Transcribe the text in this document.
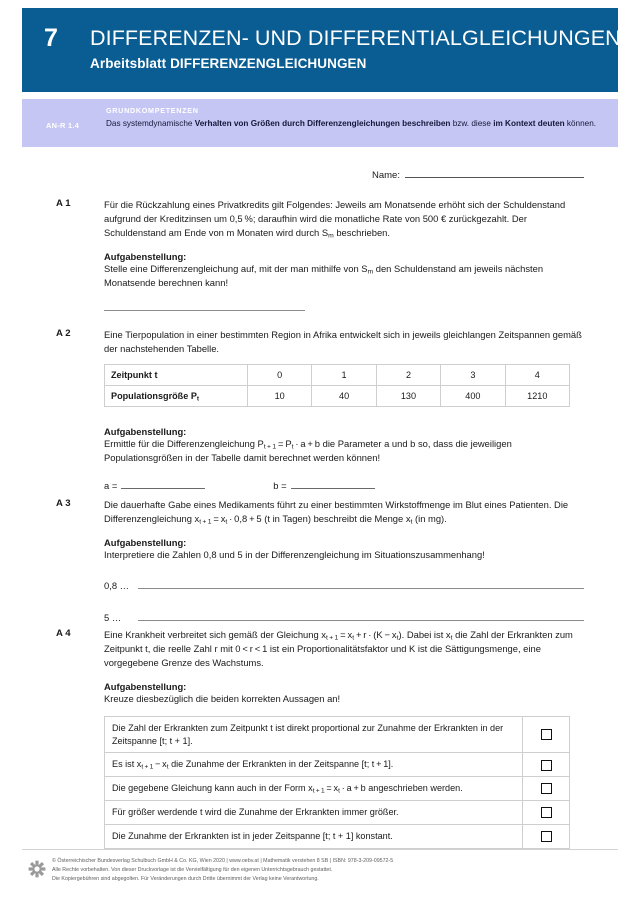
7	DIFFERENZEN- UND DIFFERENTIALGLEICHUNGEN
Arbeitsblatt DIFFERENZENGLEICHUNGEN
GRUNDKOMPETENZEN
AN-R 1.4	Das systemdynamische Verhalten von Größen durch Differenzengleichungen beschreiben bzw. diese im Kontext deuten können.
Name:
A 1	Für die Rückzahlung eines Privatkredits gilt Folgendes: Jeweils am Monatsende erhöht sich der Schuldenstand aufgrund der Kreditzinsen um 0,5 %; daraufhin wird die monatliche Rate von 500 € zurückgezahlt. Der Schuldenstand am Ende von m Monaten wird durch $S_m$ beschrieben.
Aufgabenstellung:
Stelle eine Differenzengleichung auf, mit der man mithilfe von $S_m$ den Schuldenstand am jeweils nächsten Monatsende berechnen kann!
A 2	Eine Tierpopulation in einer bestimmten Region in Afrika entwickelt sich in jeweils gleichlangen Zeitspannen gemäß der nachstehenden Tabelle.
Zeitpunkt t	0	1	2	3	4
Populationsgröße $P_t$	10	40	130	400	1210
Aufgabenstellung:
Ermittle für die Differenzengleichung $P_{t + 1} = P_t \cdot a + b$ die Parameter a und b so, dass die jeweiligen Populationsgrößen in der Tabelle damit berechnet werden können!
a =	b =
A 3	Die dauerhafte Gabe eines Medikaments führt zu einer bestimmten Wirkstoffmenge im Blut eines Patienten. Die Differenzengleichung $x_{t + 1} = x_t \cdot 0,8 + 5$ (t in Tagen) beschreibt die Menge $x_t$ (in mg).
Aufgabenstellung:
Interpretiere die Zahlen 0,8 und 5 in der Differenzengleichung im Situationszusammenhang!
0,8 …
5 …
A 4	Eine Krankheit verbreitet sich gemäß der Gleichung $x_{t + 1} = x_t + r \cdot (K - x_t)$. Dabei ist $x_t$ die Zahl der Erkrankten zum Zeitpunkt t, die reelle Zahl r mit 0 < r < 1 ist ein Proportionalitätsfaktor und K ist die Sättigungsmenge, eine vorgegebene Grenze des Wachstums.
Aufgabenstellung:
Kreuze diesbezüglich die beiden korrekten Aussagen an!
Die Zahl der Erkrankten zum Zeitpunkt t ist direkt proportional zur Zunahme der Erkrankten in der Zeitspanne [t; t + 1].	
Es ist $x_{t + 1} - x_t$ die Zunahme der Erkrankten in der Zeitspanne [t; t + 1].	
Die gegebene Gleichung kann auch in der Form $x_{t + 1} = x_t \cdot a + b$ angeschrieben werden.	
Für größer werdende t wird die Zunahme der Erkrankten immer größer.	
Die Zunahme der Erkrankten ist in jeder Zeitspanne [t; t + 1] konstant.	
© Österreichischer Bundesverlag Schulbuch GmbH & Co. KG, Wien 2020 | www.oebv.at | Mathematik verstehen 8 SB | ISBN: 978-3-209-09572-5
Alle Rechte vorbehalten. Von dieser Druckvorlage ist die Vervielfältigung für den eigenen Unterrichtsgebrauch gestattet.
Die Kopiergebühren sind abgegolten. Für Veränderungen durch Dritte übernimmt der Verlag keine Verantwortung.
